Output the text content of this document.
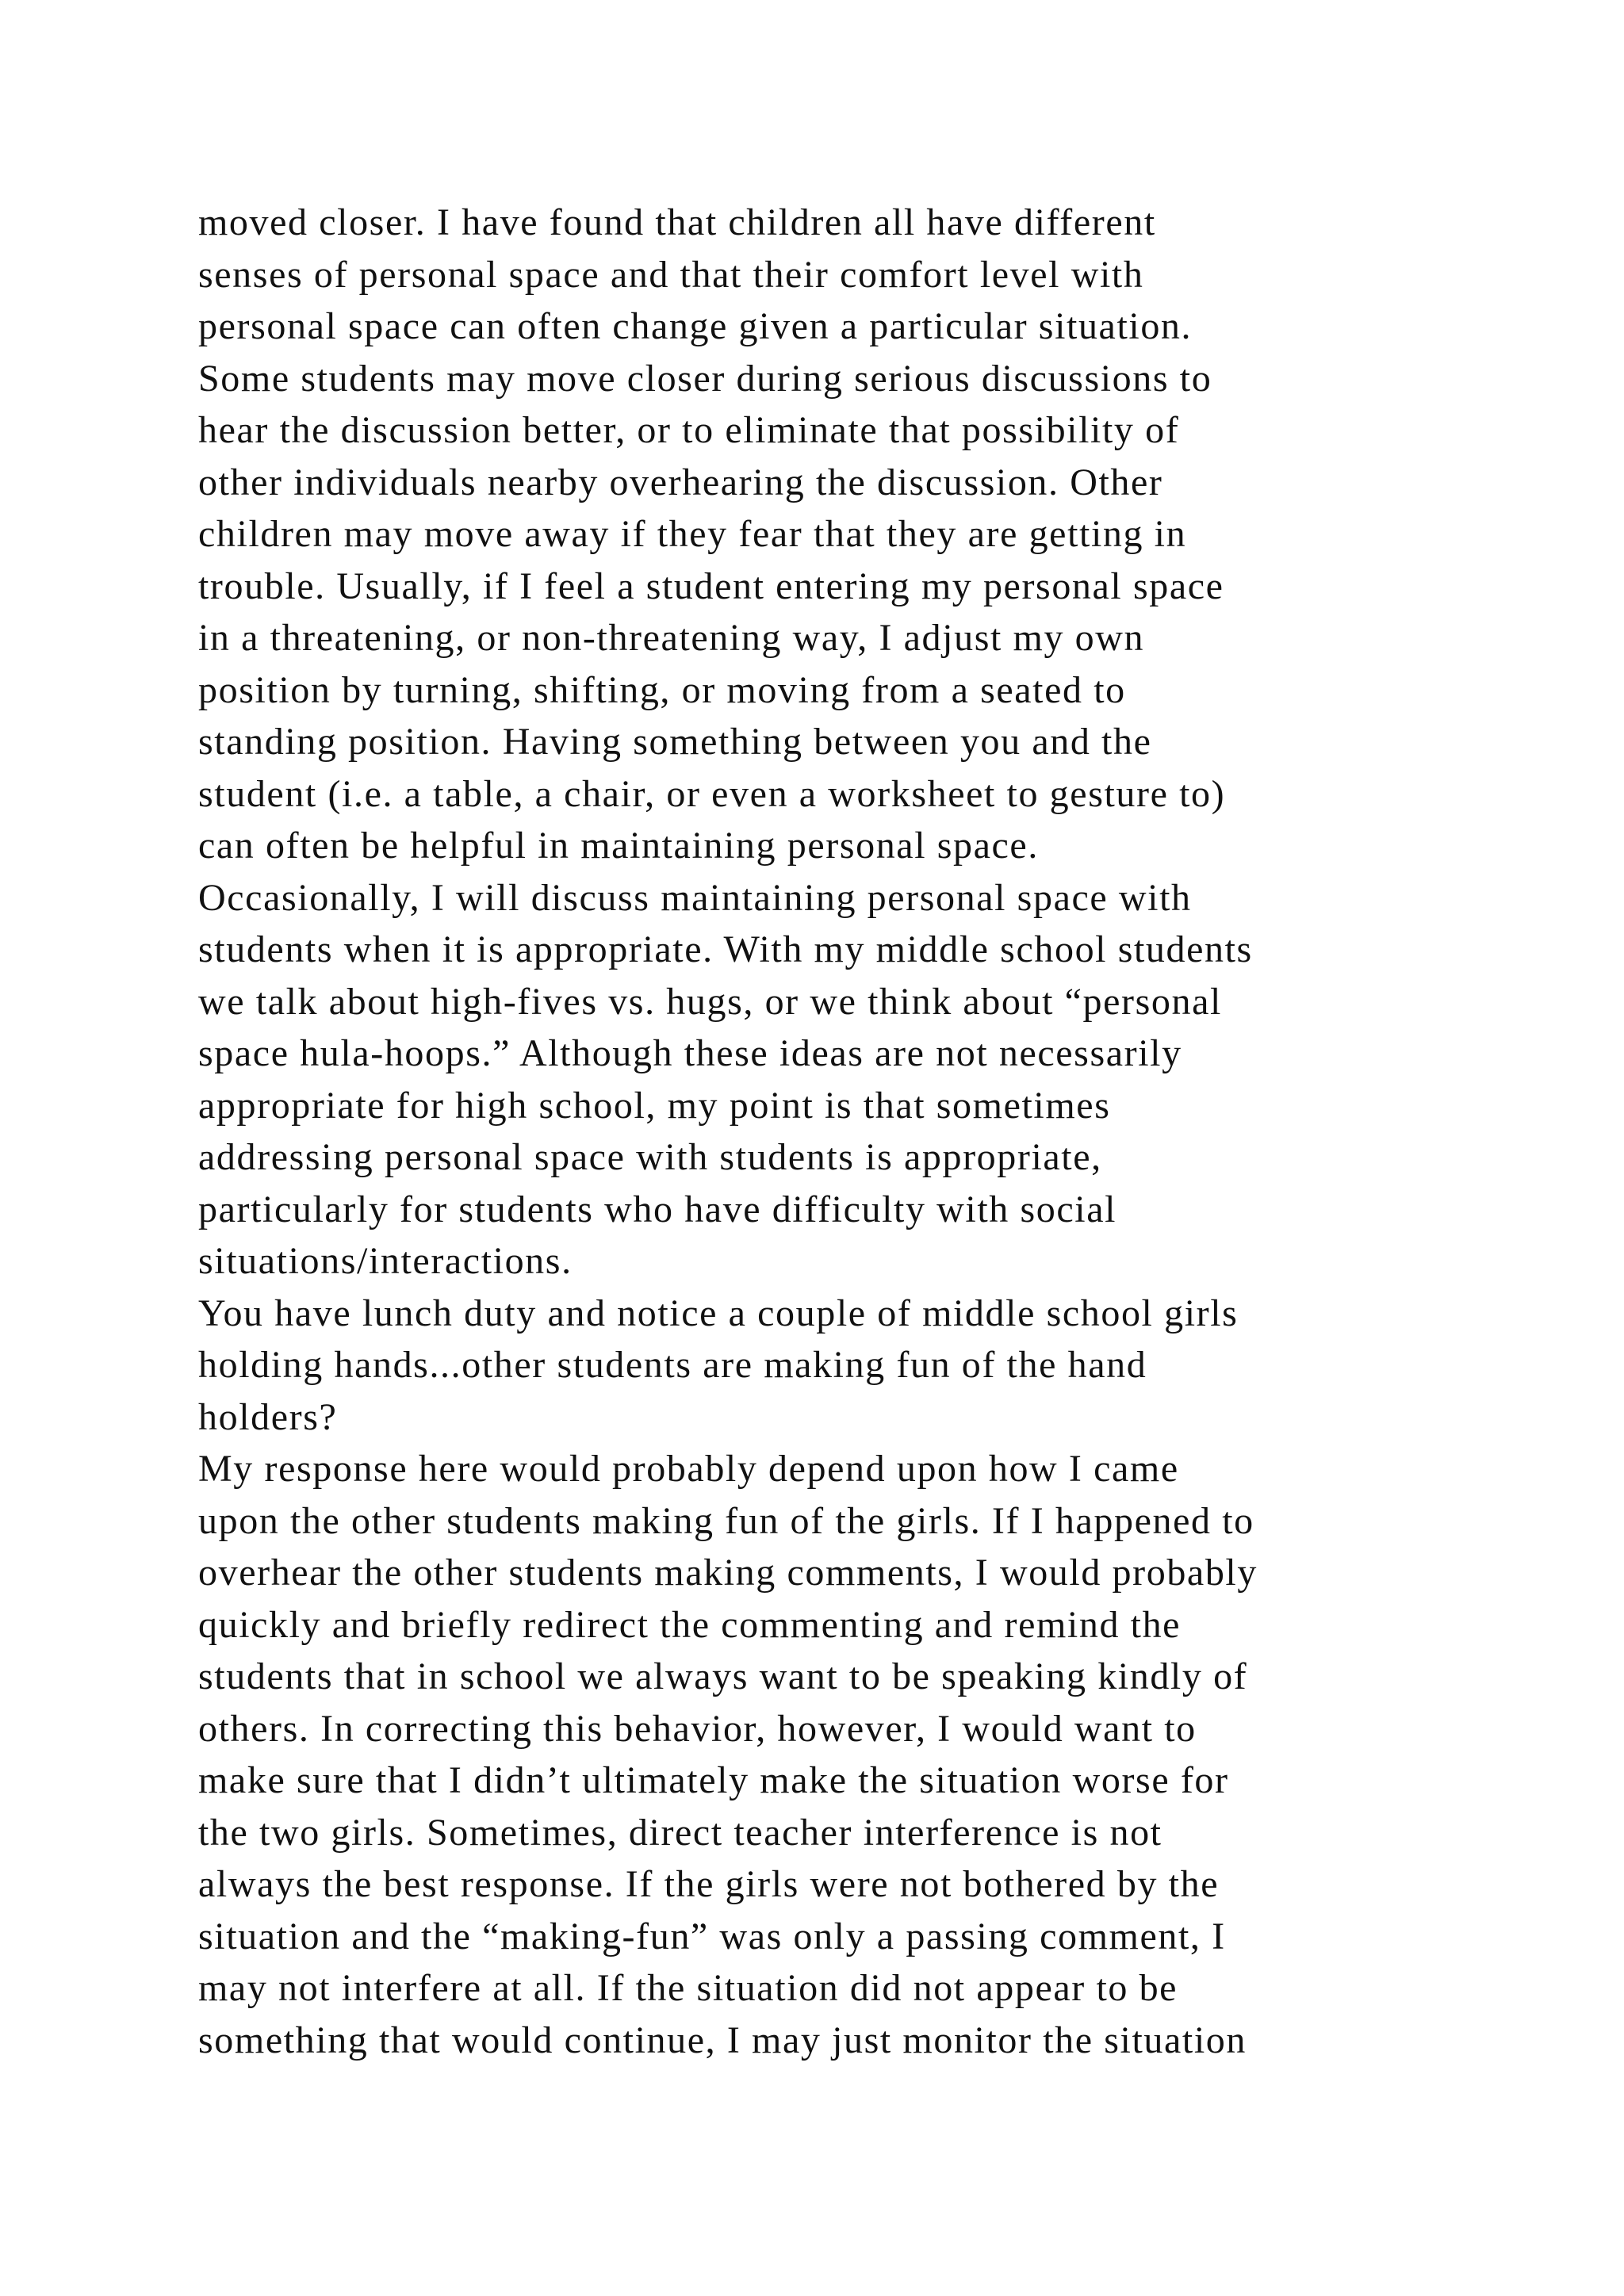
moved closer. I have found that children all have different
senses of personal space and that their comfort level with
personal space can often change given a particular situation.
Some students may move closer during serious discussions to
hear the discussion better, or to eliminate that possibility of
other individuals nearby overhearing the discussion. Other
children may move away if they fear that they are getting in
trouble. Usually, if I feel a student entering my personal space
in a threatening, or non-threatening way, I adjust my own
position by turning, shifting, or moving from a seated to
standing position. Having something between you and the
student (i.e. a table, a chair, or even a worksheet to gesture to)
can often be helpful in maintaining personal space.
Occasionally, I will discuss maintaining personal space with
students when it is appropriate. With my middle school students
we talk about high-fives vs. hugs, or we think about “personal
space hula-hoops.” Although these ideas are not necessarily
appropriate for high school, my point is that sometimes
addressing personal space with students is appropriate,
particularly for students who have difficulty with social
situations/interactions.
You have lunch duty and notice a couple of middle school girls
holding hands...other students are making fun of the hand
holders?
My response here would probably depend upon how I came
upon the other students making fun of the girls. If I happened to
overhear the other students making comments, I would probably
quickly and briefly redirect the commenting and remind the
students that in school we always want to be speaking kindly of
others. In correcting this behavior, however, I would want to
make sure that I didn’t ultimately make the situation worse for
the two girls. Sometimes, direct teacher interference is not
always the best response. If the girls were not bothered by the
situation and the “making-fun” was only a passing comment, I
may not interfere at all. If the situation did not appear to be
something that would continue, I may just monitor the situation
